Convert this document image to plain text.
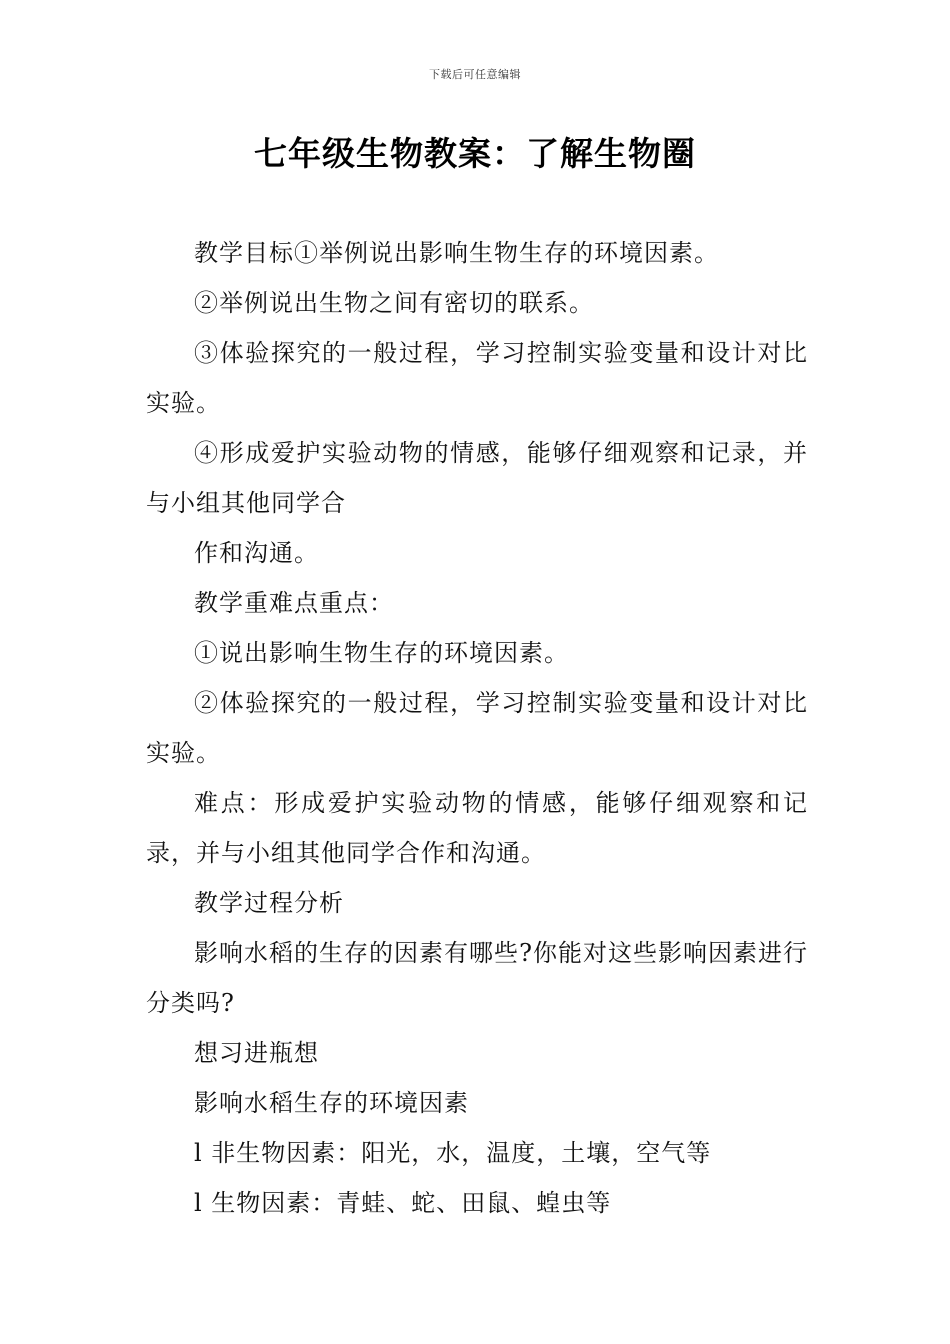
下载后可任意编辑
七年级生物教案：了解生物圈

教学目标①举例说出影响生物生存的环境因素。

②举例说出生物之间有密切的联系。

③体验探究的一般过程，学习控制实验变量和设计对比实验。

④形成爱护实验动物的情感，能够仔细观察和记录，并与小组其他同学合

作和沟通。

教学重难点重点：

①说出影响生物生存的环境因素。

②体验探究的一般过程，学习控制实验变量和设计对比实验。

难点：形成爱护实验动物的情感，能够仔细观察和记录，并与小组其他同学合作和沟通。

教学过程分析

影响水稻的生存的因素有哪些?你能对这些影响因素进行分类吗?

想习进瓶想

影响水稻生存的环境因素

l 非生物因素：阳光，水，温度，土壤，空气等

l 生物因素：青蛙、蛇、田鼠、蝗虫等
